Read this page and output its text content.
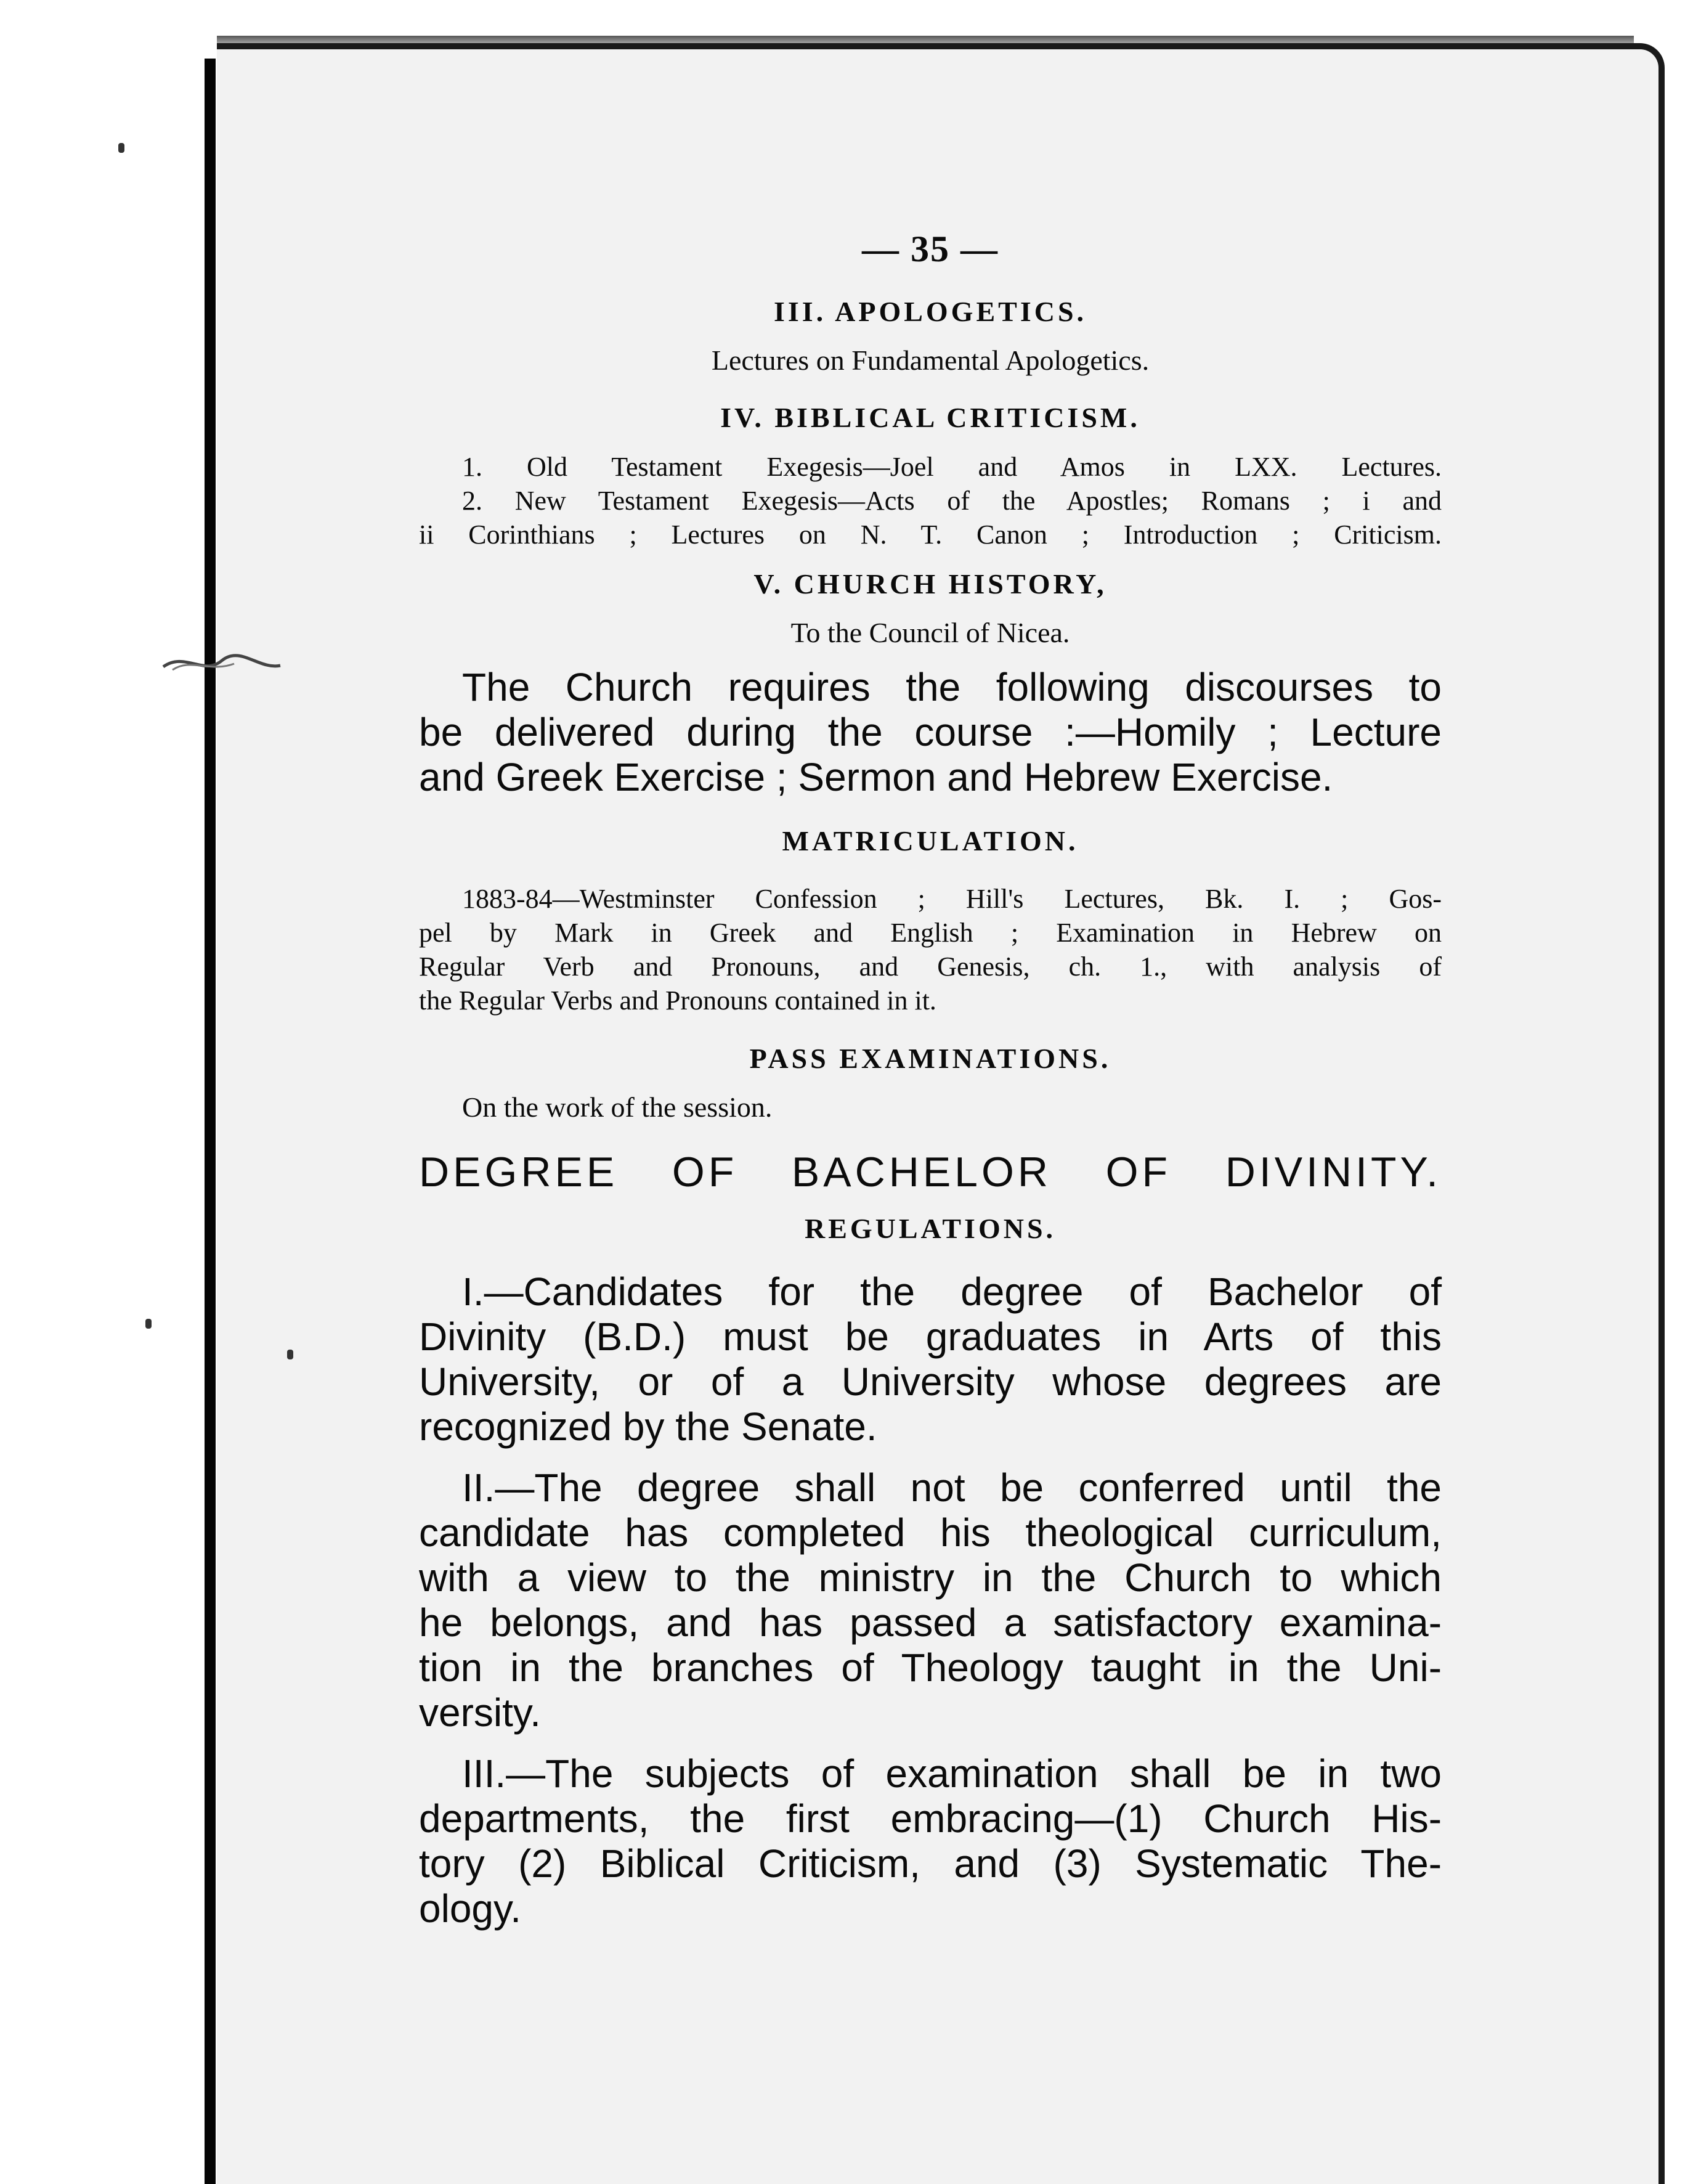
— 35 —

III. APOLOGETICS.

Lectures on Fundamental Apologetics.

IV. BIBLICAL CRITICISM.

1. Old Testament Exegesis—Joel and Amos in LXX. Lectures.

2. New Testament Exegesis—Acts of the Apostles; Romans ; i and

ii Corinthians ; Lectures on N. T. Canon ; Introduction ; Criticism.

V. CHURCH HISTORY,

To the Council of Nicea.

The Church requires the following discourses to

be delivered during the course :—Homily ; Lecture

and Greek Exercise ; Sermon and Hebrew Exercise.

MATRICULATION.

1883-84—Westminster Confession ; Hill's Lectures, Bk. I. ; Gos-

pel by Mark in Greek and English ; Examination in Hebrew on

Regular Verb and Pronouns, and Genesis, ch. 1., with analysis of

the Regular Verbs and Pronouns contained in it.

PASS EXAMINATIONS.

On the work of the session.

DEGREE OF BACHELOR OF DIVINITY.

REGULATIONS.

I.—Candidates for the degree of Bachelor of

Divinity (B.D.) must be graduates in Arts of this

University, or of a University whose degrees are

recognized by the Senate.

II.—The degree shall not be conferred until the

candidate has completed his theological curriculum,

with a view to the ministry in the Church to which

he belongs, and has passed a satisfactory examina-

tion in the branches of Theology taught in the Uni-

versity.

III.—The subjects of examination shall be in two

departments, the first embracing—(1) Church His-

tory (2) Biblical Criticism, and (3) Systematic The-

ology.
